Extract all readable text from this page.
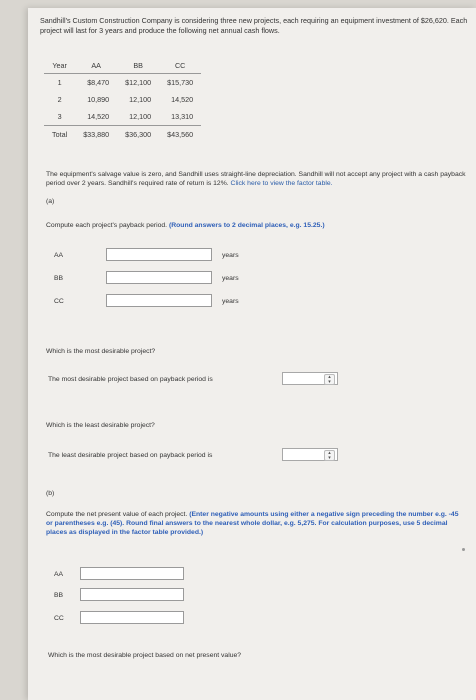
Sandhill's Custom Construction Company is considering three new projects, each requiring an equipment investment of $26,620. Each project will last for 3 years and produce the following net annual cash flows.
Year	AA	BB	CC
1	$8,470	$12,100	$15,730
2	10,890	12,100	14,520
3	14,520	12,100	13,310
Total	$33,880	$36,300	$43,560
The equipment's salvage value is zero, and Sandhill uses straight-line depreciation. Sandhill will not accept any project with a cash payback period over 2 years. Sandhill's required rate of return is 12%. Click here to view the factor table.
(a)
Compute each project's payback period. (Round answers to 2 decimal places, e.g. 15.25.)
AA	years
BB	years
CC	years
Which is the most desirable project?
The most desirable project based on payback period is	▴
▾
Which is the least desirable project?
The least desirable project based on payback period is	▴
▾
(b)
Compute the net present value of each project. (Enter negative amounts using either a negative sign preceding the number e.g. -45 or parentheses e.g. (45). Round final answers to the nearest whole dollar, e.g. 5,275. For calculation purposes, use 5 decimal places as displayed in the factor table provided.)
AA
BB
CC
Which is the most desirable project based on net present value?
